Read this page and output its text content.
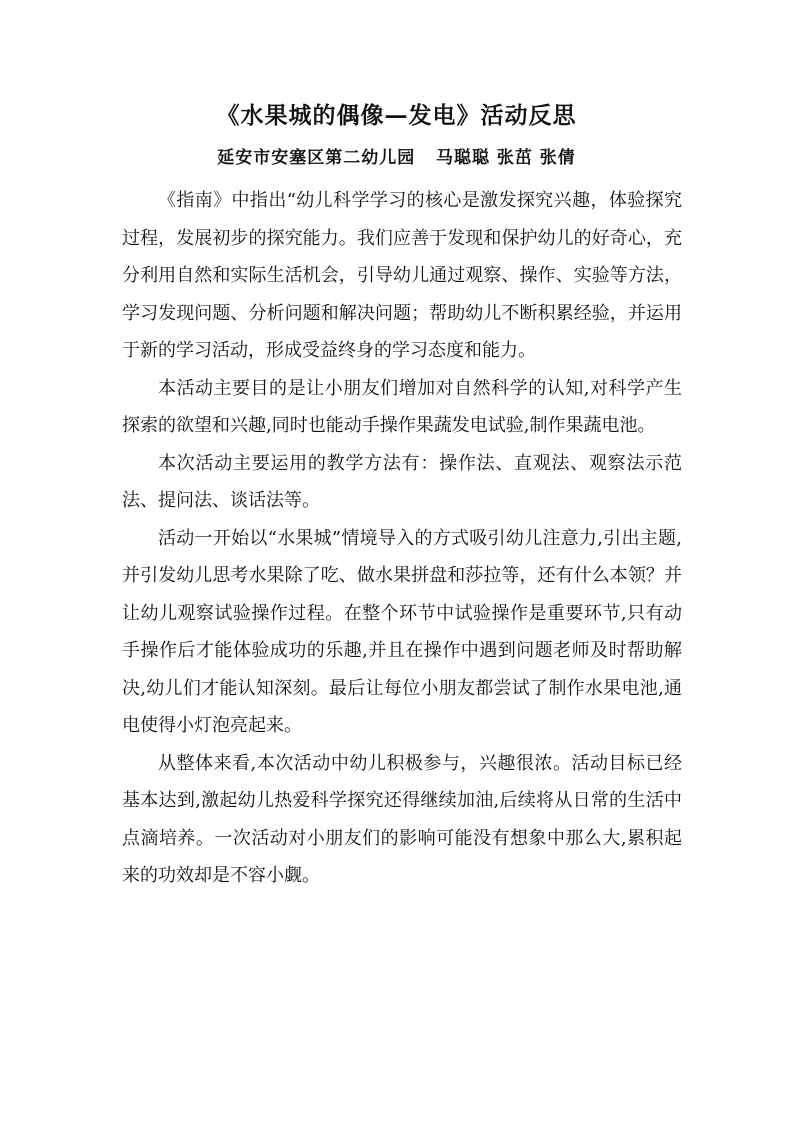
《水果城的偶像—发电》活动反思
延安市安塞区第二幼儿园   马聪聪 张茁 张倩

《指南》中指出“幼儿科学学习的核心是激发探究兴趣，体验探究过程，发展初步的探究能力。我们应善于发现和保护幼儿的好奇心，充分利用自然和实际生活机会，引导幼儿通过观察、操作、实验等方法，学习发现问题、分析问题和解决问题；帮助幼儿不断积累经验，并运用于新的学习活动，形成受益终身的学习态度和能力。

本活动主要目的是让小朋友们增加对自然科学的认知,对科学产生探索的欲望和兴趣,同时也能动手操作果蔬发电试验,制作果蔬电池。

本次活动主要运用的教学方法有：操作法、直观法、观察法示范法、提问法、谈话法等。

活动一开始以“水果城”情境导入的方式吸引幼儿注意力,引出主题,并引发幼儿思考水果除了吃、做水果拼盘和莎拉等，还有什么本领？并让幼儿观察试验操作过程。在整个环节中试验操作是重要环节,只有动手操作后才能体验成功的乐趣,并且在操作中遇到问题老师及时帮助解决,幼儿们才能认知深刻。最后让每位小朋友都尝试了制作水果电池,通电使得小灯泡亮起来。

从整体来看,本次活动中幼儿积极参与，兴趣很浓。活动目标已经基本达到,激起幼儿热爱科学探究还得继续加油,后续将从日常的生活中点滴培养。一次活动对小朋友们的影响可能没有想象中那么大,累积起来的功效却是不容小觑。
